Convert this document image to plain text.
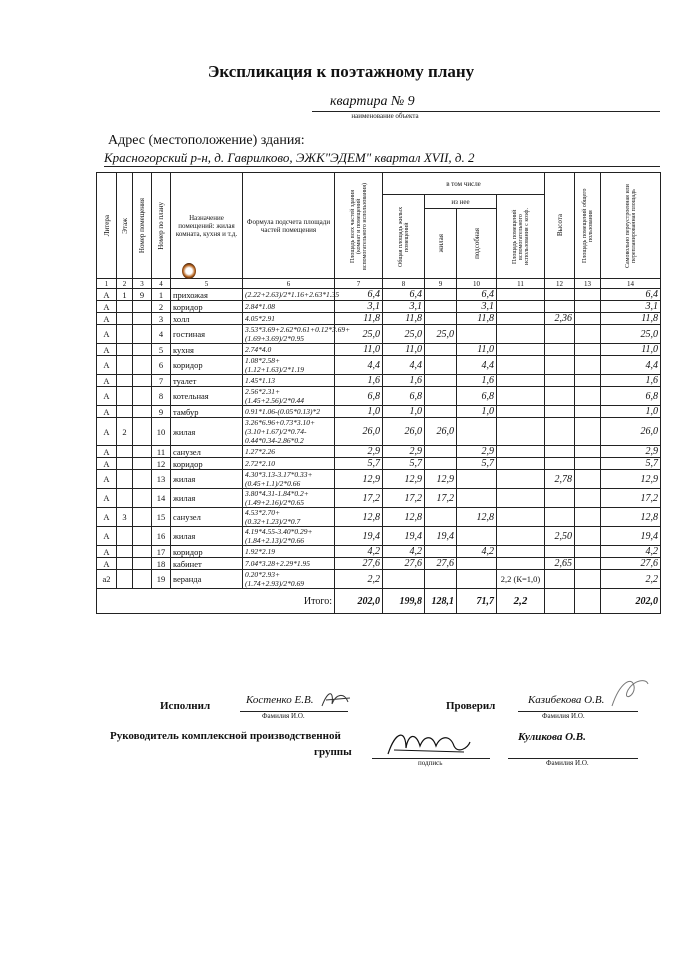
Экспликация к поэтажному плану
квартира № 9
наименование объекта
Адрес (местоположение) здания:
Красногорский р-н, д. Гаврилково, ЭЖК"ЭДЕМ" квартал XVII, д. 2
Литера	Этаж	Номер помещения	Номер по плану	Назначение помещений: жилая комната, кухня и т.д.	Формула подсчета площади частей помещения	Площадь всех частей здания (комнат и помещений вспомогательного использования)	в том числе				Высота	Площадь помещений общего пользования	Самовольно переустроенная или перепланированная площадь

							Общая площадь жилых помещений	из нее		Площадь помещений вспомогательного использования с коэф.			

								жилая	подсобная				

1	2	3	4	5	6	7	8	9	10	11	12	13	14
А	1	9	1	прихожая	(2.22+2.63)/2*1.16+2.63*1.35	6,4	6,4		6,4				6,4
А			2	коридор	2.84*1.08	3,1	3,1		3,1				3,1
А			3	холл	4.05*2.91	11,8	11,8		11,8		2,36		11,8
А			4	гостиная	3.53*3.69+2.62*0.61+0.12*3.69+(1.69+3.69)/2*0.95	25,0	25,0	25,0					25,0
А			5	кухня	2.74*4.0	11,0	11,0		11,0				11,0
А			6	коридор	1.08*2.58+(1.12+1.63)/2*1.19	4,4	4,4		4,4				4,4
А			7	туалет	1.45*1.13	1,6	1,6		1,6				1,6
А			8	котельная	2.56*2.31+(1.45+2.56)/2*0.44	6,8	6,8		6,8				6,8
А			9	тамбур	0.91*1.06-(0.05*0.13)*2	1,0	1,0		1,0				1,0
А	2		10	жилая	3.26*6.96+0.73*3.10+(3.10+1.67)/2*0.74-0.44*0.34-2.86*0.2	26,0	26,0	26,0					26,0
А			11	санузел	1.27*2.26	2,9	2,9		2,9				2,9
А			12	коридор	2.72*2.10	5,7	5,7		5,7				5,7
А			13	жилая	4.30*3.13-3.17*0.33+(0.45+1.1)/2*0.66	12,9	12,9	12,9			2,78		12,9
А			14	жилая	3.80*4.31-1.84*0.2+(1.49+2.16)/2*0.65	17,2	17,2	17,2					17,2
А	3		15	санузел	4.53*2.70+(0.32+1.23)/2*0.7	12,8	12,8		12,8				12,8
А			16	жилая	4.19*4.55-3.40*0.29+(1.84+2.13)/2*0.66	19,4	19,4	19,4			2,50		19,4
А			17	коридор	1.92*2.19	4,2	4,2		4,2				4,2
А			18	кабинет	7.04*3.28+2.29*1.95	27,6	27,6	27,6			2,65		27,6
а2			19	веранда	0.20*2.93+(1.74+2.93)/2*0.69	2,2				2,2 (К=1,0)			2,2
Итого:						202,0	199,8	128,1	71,7	2,2			202,0
Исполнил	Костенко Е.В.
Фамилия И.О.
Проверил	Казибекова О.В.
Фамилия И.О.
Руководитель комплексной производственной
группы
подпись
Куликова О.В.
Фамилия И.О.
